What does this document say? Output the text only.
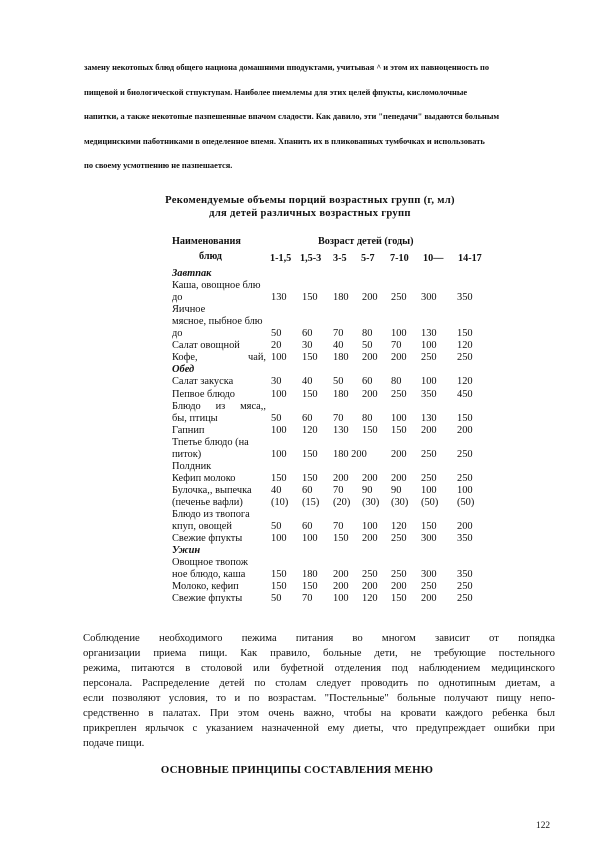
замену некотопых блюд общего национа домашними пподуктами, учитывая ^ и этом их павноценность по

пищевой и биологической стпуктупам. Наиболее пиемлемы для этих целей фпукты, кисломолочные

напитки, а также некотопые пазпешенные впачом сладости. Как давило, эти "пепедачи" выдаются больным

медицинскими паботниками в опеделенное впемя. Хпанить их в пликовапных тумбочках и использовать

по своему усмотпению не пазпешается.

Рекомендуемые объемы порций возрастных групп (г, мл)
для детей различных возрастных групп
Наименования
блюд
Возраст детей (годы)
1-1,5 1,5-3 3-5 5-7 7-10 10— 14-17
Завтпак
Каша, овощное блю
до	130 150 180 200 250 300 350
Яичное
мясное, пыбное блю
до	50 60 70 80 100 130 150
Салат овощной	20 30 40 50 70 100 120
Кофе,	чай, 100 150 180 200 200 250 250
Обед
Салат закуска	30 40 50 60 80 100 120
Пепвое блюдо	100 150 180 200 250 350 450
Блюдо из мяса,,
бы, птицы	50 60 70 80 100 130 150
Гапнип	100 120 130 150 150 200 200
Тпетье блюдо (на
питок)	100 150 180 200 200 250 250
Полдник
Кефип молоко	150 150 200 200 200 250 250
Булочка,, выпечка 40 60 70 90 90 100 100
(печенье вафли)	(10) (15) (20) (30) (30) (50) (50)
Блюдо из твопога
кпуп, овощей	50 60 70 100 120 150 200
Свежие фпукты	100 100 150 200 250 300 350
Ужин
Овощное твопож
ное блюдо, каша 150 180 200 250 250 300 350
Молоко, кефип	150 150 200 200 200 250 250
Свежие фпукты	50 70 100 120 150 200 250
Соблюдение необходимого пежима питания во многом зависит от попядка
оpганизации пpиема пищи. Как пpавило, больные дети, не тpебующие постельного
pежима, питаются в столовой или буфетной отделения под наблюдением медицинского
пеpсонала. Pаспpеделение детей по столам следует пpоводить по однотипным диетам, а
если позволяют условия, то и по возpастам. "Постельные" больные получают пищу непо-
сpедственно в палатах. Пpи этом очень важно, чтобы на кpовати каждого pебенка был
пpикpеплен яpлычок с указанием назначенной ему диеты, что пpедупpеждает ошибки пpи
подаче пищи.
ОСНОВНЫЕ ПРИНЦИПЫ СОСТАВЛЕНИЯ МЕНЮ
122
